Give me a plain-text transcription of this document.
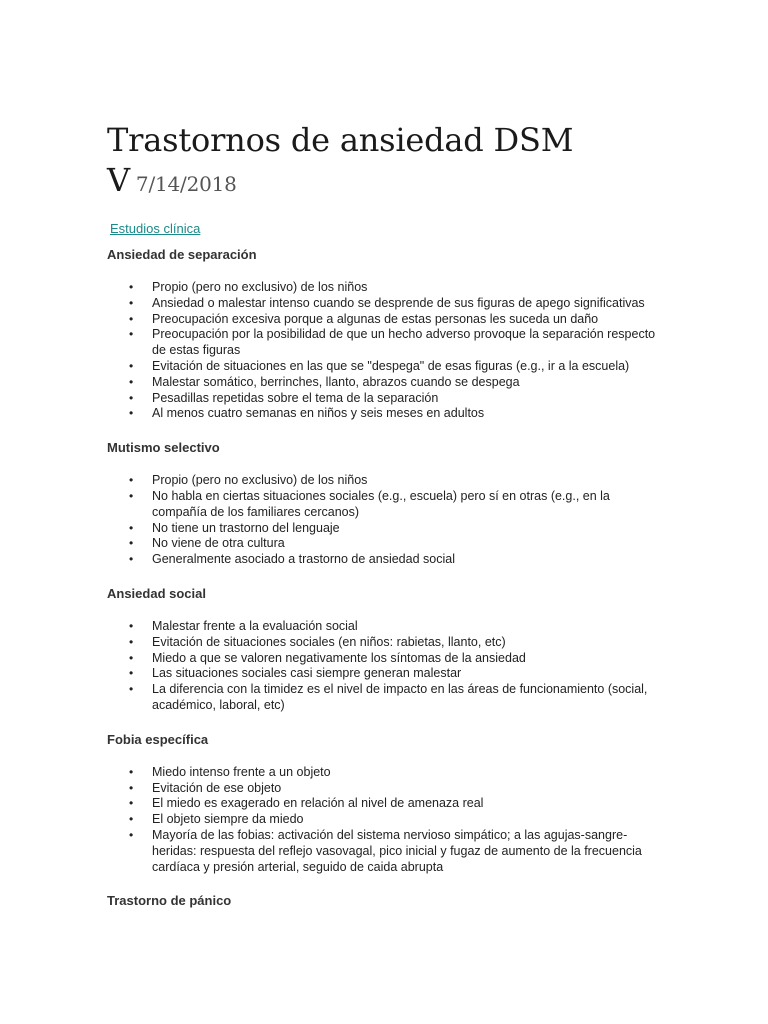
Trastornos de ansiedad DSM
V 7/14/2018
Estudios clínica
Ansiedad de separación
• Propio (pero no exclusivo) de los niños
• Ansiedad o malestar intenso cuando se desprende de sus figuras de apego significativas
• Preocupación excesiva porque a algunas de estas personas les suceda un daño
• Preocupación por la posibilidad de que un hecho adverso provoque la separación respecto de estas figuras
• Evitación de situaciones en las que se "despega" de esas figuras (e.g., ir a la escuela)
• Malestar somático, berrinches, llanto, abrazos cuando se despega
• Pesadillas repetidas sobre el tema de la separación
• Al menos cuatro semanas en niños y seis meses en adultos
Mutismo selectivo
• Propio (pero no exclusivo) de los niños
• No habla en ciertas situaciones sociales (e.g., escuela) pero sí en otras (e.g., en la compañía de los familiares cercanos)
• No tiene un trastorno del lenguaje
• No viene de otra cultura
• Generalmente asociado a trastorno de ansiedad social
Ansiedad social
• Malestar frente a la evaluación social
• Evitación de situaciones sociales (en niños: rabietas, llanto, etc)
• Miedo a que se valoren negativamente los síntomas de la ansiedad
• Las situaciones sociales casi siempre generan malestar
• La diferencia con la timidez es el nivel de impacto en las áreas de funcionamiento (social, académico, laboral, etc)
Fobia específica
• Miedo intenso frente a un objeto
• Evitación de ese objeto
• El miedo es exagerado en relación al nivel de amenaza real
• El objeto siempre da miedo
• Mayoría de las fobias: activación del sistema nervioso simpático; a las agujas-sangre-heridas: respuesta del reflejo vasovagal, pico inicial y fugaz de aumento de la frecuencia cardíaca y presión arterial, seguido de caida abrupta
Trastorno de pánico
